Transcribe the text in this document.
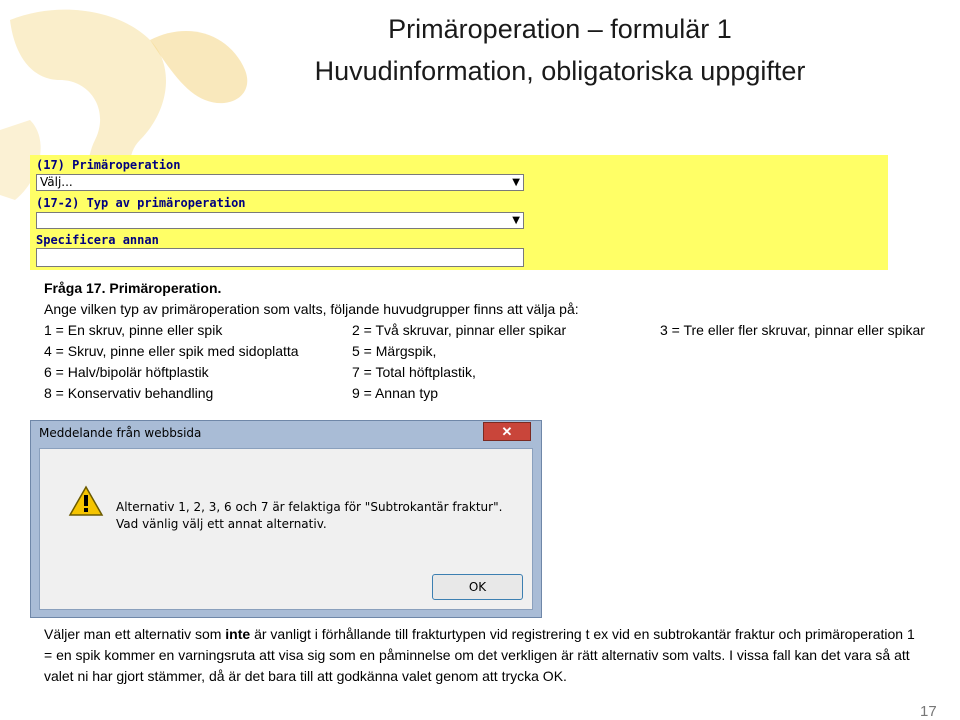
Primäroperation – formulär 1
Huvudinformation, obligatoriska uppgifter
(17) Primäroperation
Välj...	▼
(17-2) Typ av primäroperation
▼
Specificera annan
Fråga 17. Primäroperation.
Ange vilken typ av primäroperation som valts, följande huvudgrupper finns att välja på:
1 = En skruv, pinne eller spik	2 = Två skruvar, pinnar eller spikar	3 = Tre eller fler skruvar, pinnar eller spikar
4 = Skruv, pinne eller spik med sidoplatta	5 = Märgspik,
6 = Halv/bipolär höftplastik	7 = Total höftplastik,
8 = Konservativ behandling	9 = Annan typ
Meddelande från webbsida	✕
Alternativ 1, 2, 3, 6 och 7 är felaktiga för "Subtrokantär fraktur". Vad vänlig välj ett annat alternativ.
OK
Väljer man ett alternativ som inte är vanligt i förhållande till frakturtypen vid registrering t ex vid en subtrokantär fraktur och primäroperation 1 = en spik kommer en varningsruta att visa sig som en påminnelse om det verkligen är rätt alternativ som valts. I vissa fall kan det vara så att valet ni har gjort stämmer, då är det bara till att godkänna valet genom att trycka OK.
17
